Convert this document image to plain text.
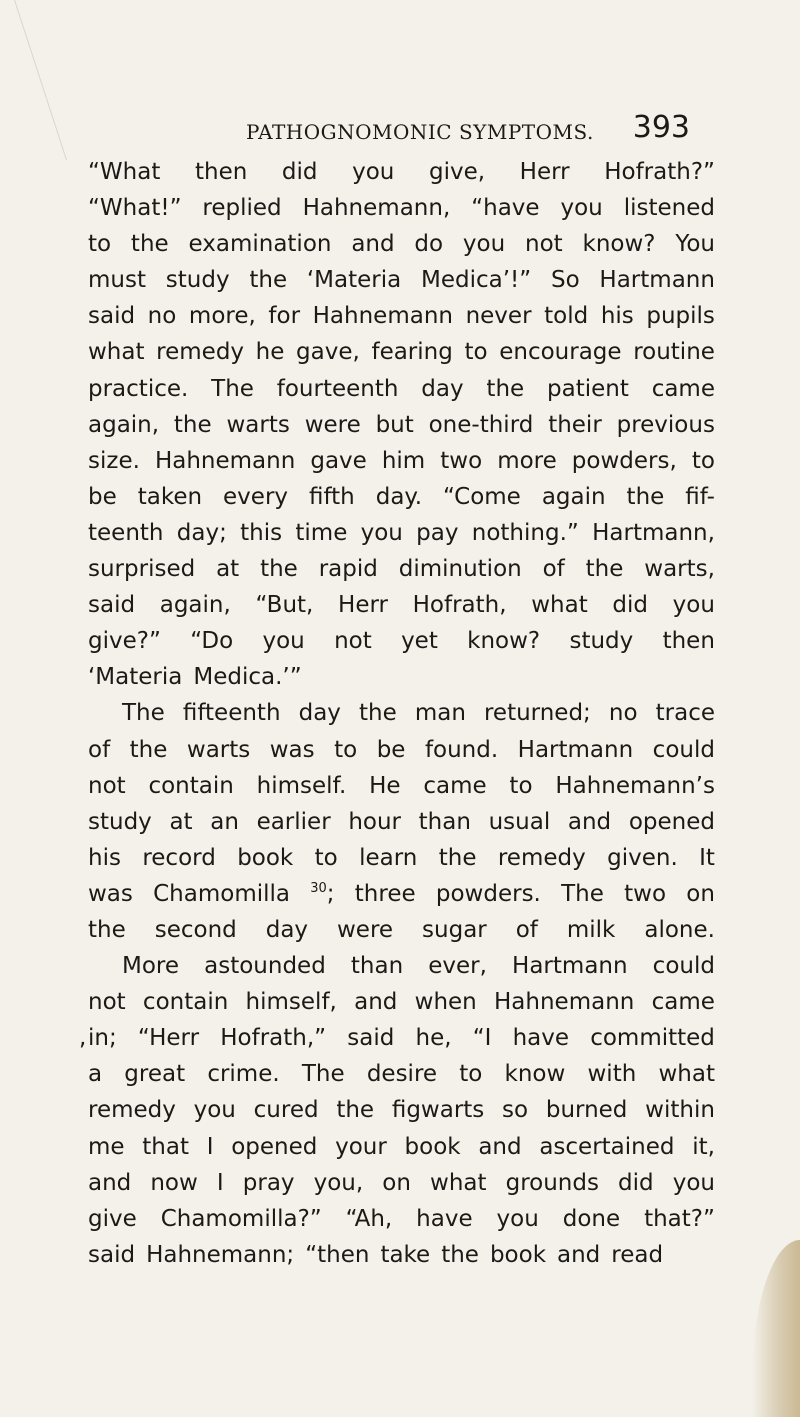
PATHOGNOMONIC SYMPTOMS. 393
“What then did you give, Herr Hofrath?”
“What!” replied Hahnemann, “have you listened
to the examination and do you not know? You
must study the ‘Materia Medica’!” So Hartmann
said no more, for Hahnemann never told his pupils
what remedy he gave, fearing to encourage routine
practice. The fourteenth day the patient came
again, the warts were but one-third their previous
size. Hahnemann gave him two more powders, to
be taken every fifth day. “Come again the fif-
teenth day; this time you pay nothing.” Hartmann,
surprised at the rapid diminution of the warts,
said again, “But, Herr Hofrath, what did you
give?” “Do you not yet know? study then
‘Materia Medica.’”
The fifteenth day the man returned; no trace
of the warts was to be found. Hartmann could
not contain himself. He came to Hahnemann’s
study at an earlier hour than usual and opened
his record book to learn the remedy given. It
was Chamomilla $^{30}$; three powders. The two on
the second day were sugar of milk alone.
More astounded than ever, Hartmann could
not contain himself, and when Hahnemann came
in; “Herr Hofrath,” said he, “I have committed
,
a great crime. The desire to know with what
remedy you cured the figwarts so burned within
me that I opened your book and ascertained it,
and now I pray you, on what grounds did you
give Chamomilla?” “Ah, have you done that?”
said Hahnemann; “then take the book and read
